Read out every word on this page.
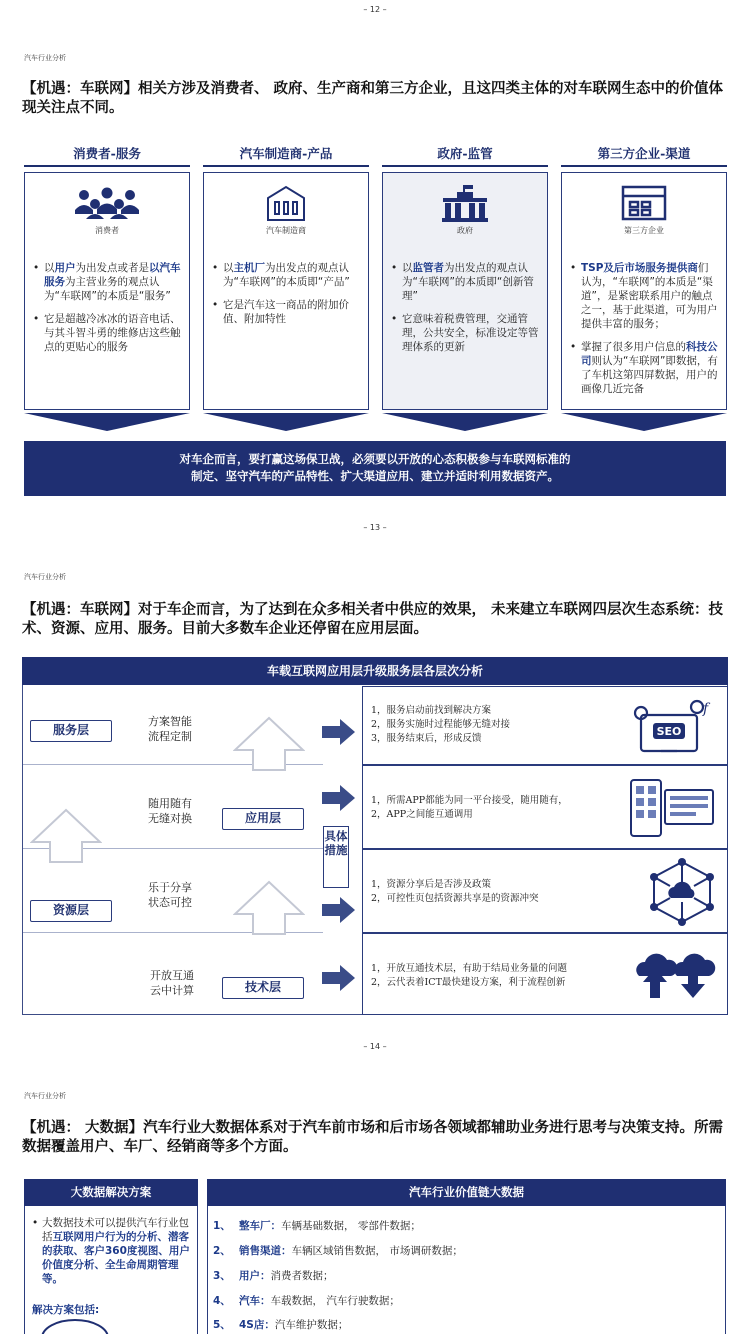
– 12 –
汽车行业分析
【机遇：车联网】相关方涉及消费者、 政府、生产商和第三方企业，且这四类主体的对车联网生态中的价值体现关注点不同。
消费者-服务
消费者
• 以用户为出发点或者是以汽车服务为主营业务的观点认为“车联网”的本质是“服务”
• 它是超越冷冰冰的语音电话、与其斗智斗勇的维修店这些触点的更贴心的服务
汽车制造商-产品
汽车制造商
• 以主机厂为出发点的观点认为“车联网”的本质即“产品”
• 它是汽车这一商品的附加价值、附加特性
政府-监管
政府
• 以监管者为出发点的观点认为“车联网”的本质即“创新管理”
• 它意味着税费管理，交通管理，公共安全，标准设定等管理体系的更新
第三方企业-渠道
第三方企业
• TSP及后市场服务提供商们认为，“车联网”的本质是“渠道”，是紧密联系用户的触点之一，基于此渠道，可为用户提供丰富的服务；
• 掌握了很多用户信息的科技公司则认为“车联网”即数据，有了车机这第四屏数据，用户的画像几近完备
对车企而言，要打赢这场保卫战，必须要以开放的心态积极参与车联网标准的
制定、坚守汽车的产品特性、扩大渠道应用、建立并适时利用数据资产。
– 13 –
汽车行业分析
【机遇：车联网】对于车企而言，为了达到在众多相关者中供应的效果， 未来建立车联网四层次生态系统：技术、资源、应用、服务。目前大多数车企业还停留在应用层面。
车载互联网应用层升级服务层各层次分析
服务层
方案智能
流程定制
应用层
随用随有
无缝对换
资源层
乐于分享
状态可控
技术层
开放互通
云中计算
具体措施
1，服务启动前找到解决方案
2，服务实施时过程能够无缝对接
3，服务结束后，形成反馈
SEO
f
1，所需APP都能为同一平台接受，随用随有，
2，APP之间能互通调用
1，资源分享后是否涉及政策
2，可控性页包括资源共享是的资源冲突
1，开放互通技术层，有助于结局业务量的问题
2，云代表着ICT最快建设方案，利于流程创新
– 14 –
汽车行业分析
【机遇： 大数据】汽车行业大数据体系对于汽车前市场和后市场各领域都辅助业务进行思考与决策支持。所需数据覆盖用户、车厂、经销商等多个方面。
大数据解决方案
• 大数据技术可以提供汽车行业包括互联网用户行为的分析、潜客的获取、客户360度视图、用户价值度分析、全生命周期管理等。
解决方案包括:
汽车行业价值链大数据
1、 整车厂：车辆基础数据， 零部件数据；
2、 销售渠道：车辆区域销售数据， 市场调研数据；
3、 用户：消费者数据；
4、 汽车：车载数据， 汽车行驶数据；
5、 4S店：汽车维护数据；
